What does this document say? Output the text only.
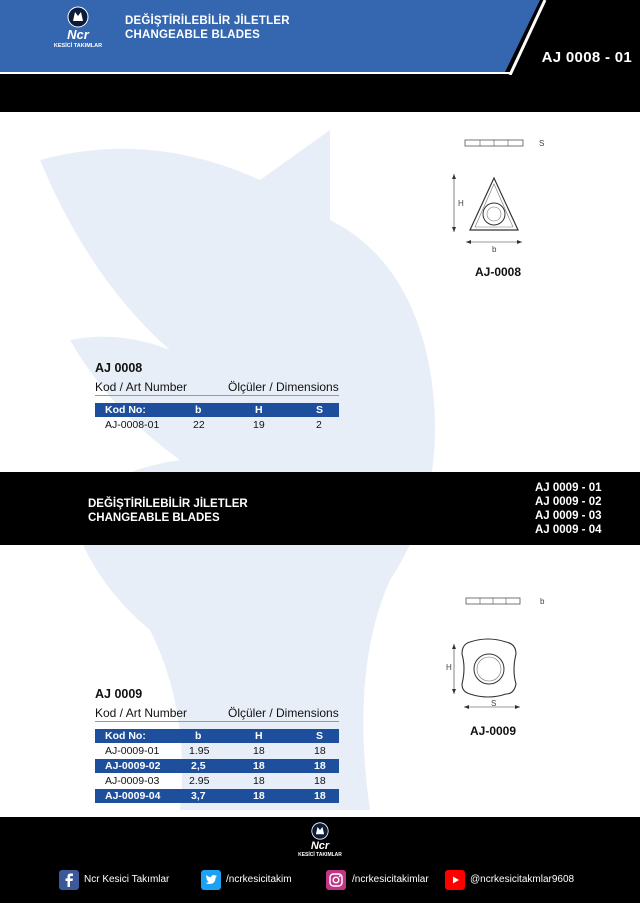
Ncr
KESİCİ TAKIMLAR
DEĞİŞTİRİLEBİLİR JİLETLER
CHANGEABLE BLADES
AJ 0008 - 01
S
H
b
AJ-0008
AJ 0008
Kod / Art Number	Ölçüler / Dimensions
Kod No:	b	H	S
AJ-0008-01	22	19	2
DEĞİŞTİRİLEBİLİR JİLETLER
CHANGEABLE BLADES
AJ 0009 - 01
AJ 0009 - 02
AJ 0009 - 03
AJ 0009 - 04
b
H
S
AJ-0009
AJ 0009
Kod / Art Number	Ölçüler / Dimensions
Kod No:	b	H	S
AJ-0009-01	1.95	18	18
AJ-0009-02	2,5	18	18
AJ-0009-03	2.95	18	18
AJ-0009-04	3,7	18	18
Ncr
KESİCİ TAKIMLAR
Ncr Kesici Takımlar	/ncrkesicitakim	/ncrkesicitakimlar	@ncrkesicitakmlar9608
